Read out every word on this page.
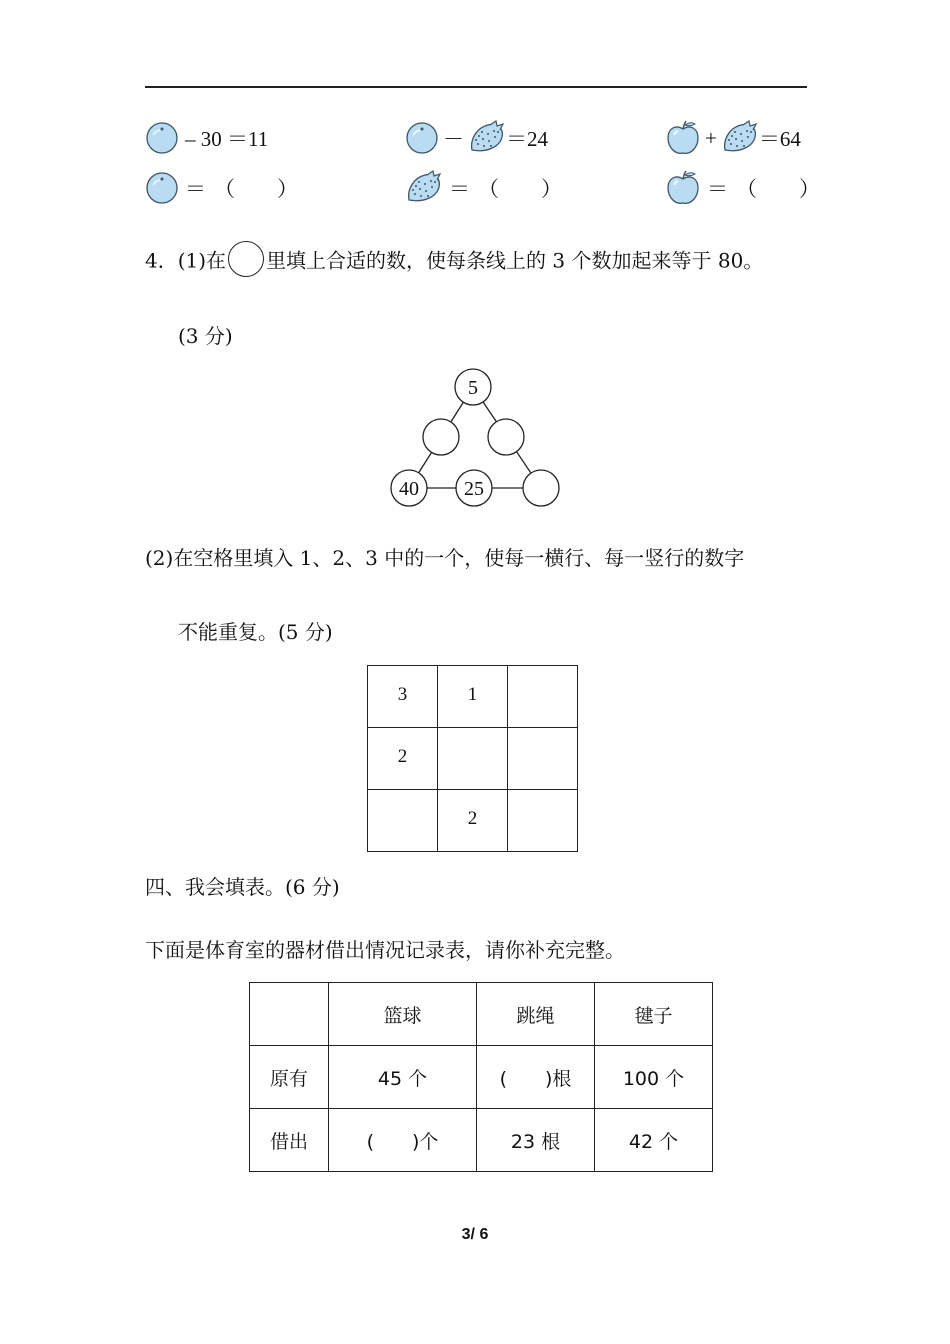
– 30 ＝11	－ ＝24	+ ＝64
＝ （　　）	＝ （　　）	＝ （　　）
4．(1)在 里填上合适的数，使每条线上的 3 个数加起来等于 80。
(3 分)
5
40 25
(2)在空格里填入 1、2、3 中的一个，使每一横行、每一竖行的数字
不能重复。(5 分)
3	1	
2		
	2	
四、我会填表。(6 分)
下面是体育室的器材借出情况记录表，请你补充完整。
	篮球	跳绳	毽子
原有	45 个	(　　)根	100 个
借出	(　　)个	23 根	42 个
3/ 6
